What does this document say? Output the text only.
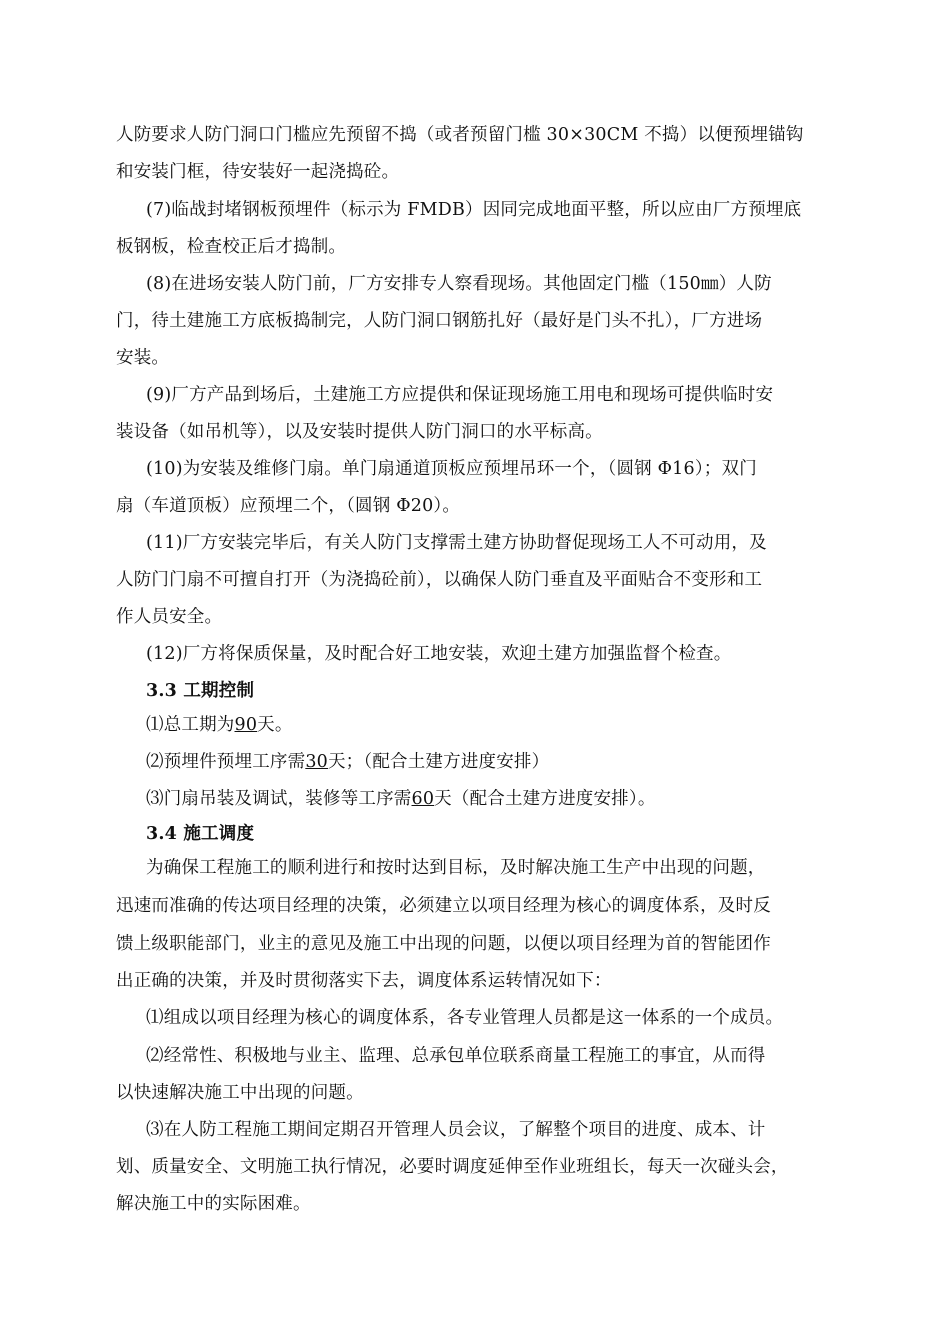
人防要求人防门洞口门槛应先预留不捣（或者预留门槛 30×30CM 不捣）以便预埋锚钩
和安装门框，待安装好一起浇捣砼。
(7)临战封堵钢板预埋件（标示为 FMDB）因同完成地面平整，所以应由厂方预埋底
板钢板，检查校正后才捣制。
(8)在进场安装人防门前，厂方安排专人察看现场。其他固定门槛（150㎜）人防
门，待土建施工方底板捣制完，人防门洞口钢筋扎好（最好是门头不扎），厂方进场
安装。
(9)厂方产品到场后，土建施工方应提供和保证现场施工用电和现场可提供临时安
装设备（如吊机等），以及安装时提供人防门洞口的水平标高。
(10)为安装及维修门扇。单门扇通道顶板应预埋吊环一个，（圆钢 Φ16）；双门
扇（车道顶板）应预埋二个，（圆钢 Φ20）。
(11)厂方安装完毕后，有关人防门支撑需土建方协助督促现场工人不可动用，及
人防门门扇不可擅自打开（为浇捣砼前），以确保人防门垂直及平面贴合不变形和工
作人员安全。
(12)厂方将保质保量，及时配合好工地安装，欢迎土建方加强监督个检查。
3.3 工期控制
⑴总工期为90天。
⑵预埋件预埋工序需30天；（配合土建方进度安排）
⑶门扇吊装及调试，装修等工序需60天（配合土建方进度安排）。
3.4 施工调度
为确保工程施工的顺利进行和按时达到目标，及时解决施工生产中出现的问题，
迅速而准确的传达项目经理的决策，必须建立以项目经理为核心的调度体系，及时反
馈上级职能部门，业主的意见及施工中出现的问题，以便以项目经理为首的智能团作
出正确的决策，并及时贯彻落实下去，调度体系运转情况如下：
⑴组成以项目经理为核心的调度体系，各专业管理人员都是这一体系的一个成员。
⑵经常性、积极地与业主、监理、总承包单位联系商量工程施工的事宜，从而得
以快速解决施工中出现的问题。
⑶在人防工程施工期间定期召开管理人员会议，了解整个项目的进度、成本、计
划、质量安全、文明施工执行情况，必要时调度延伸至作业班组长，每天一次碰头会，
解决施工中的实际困难。
